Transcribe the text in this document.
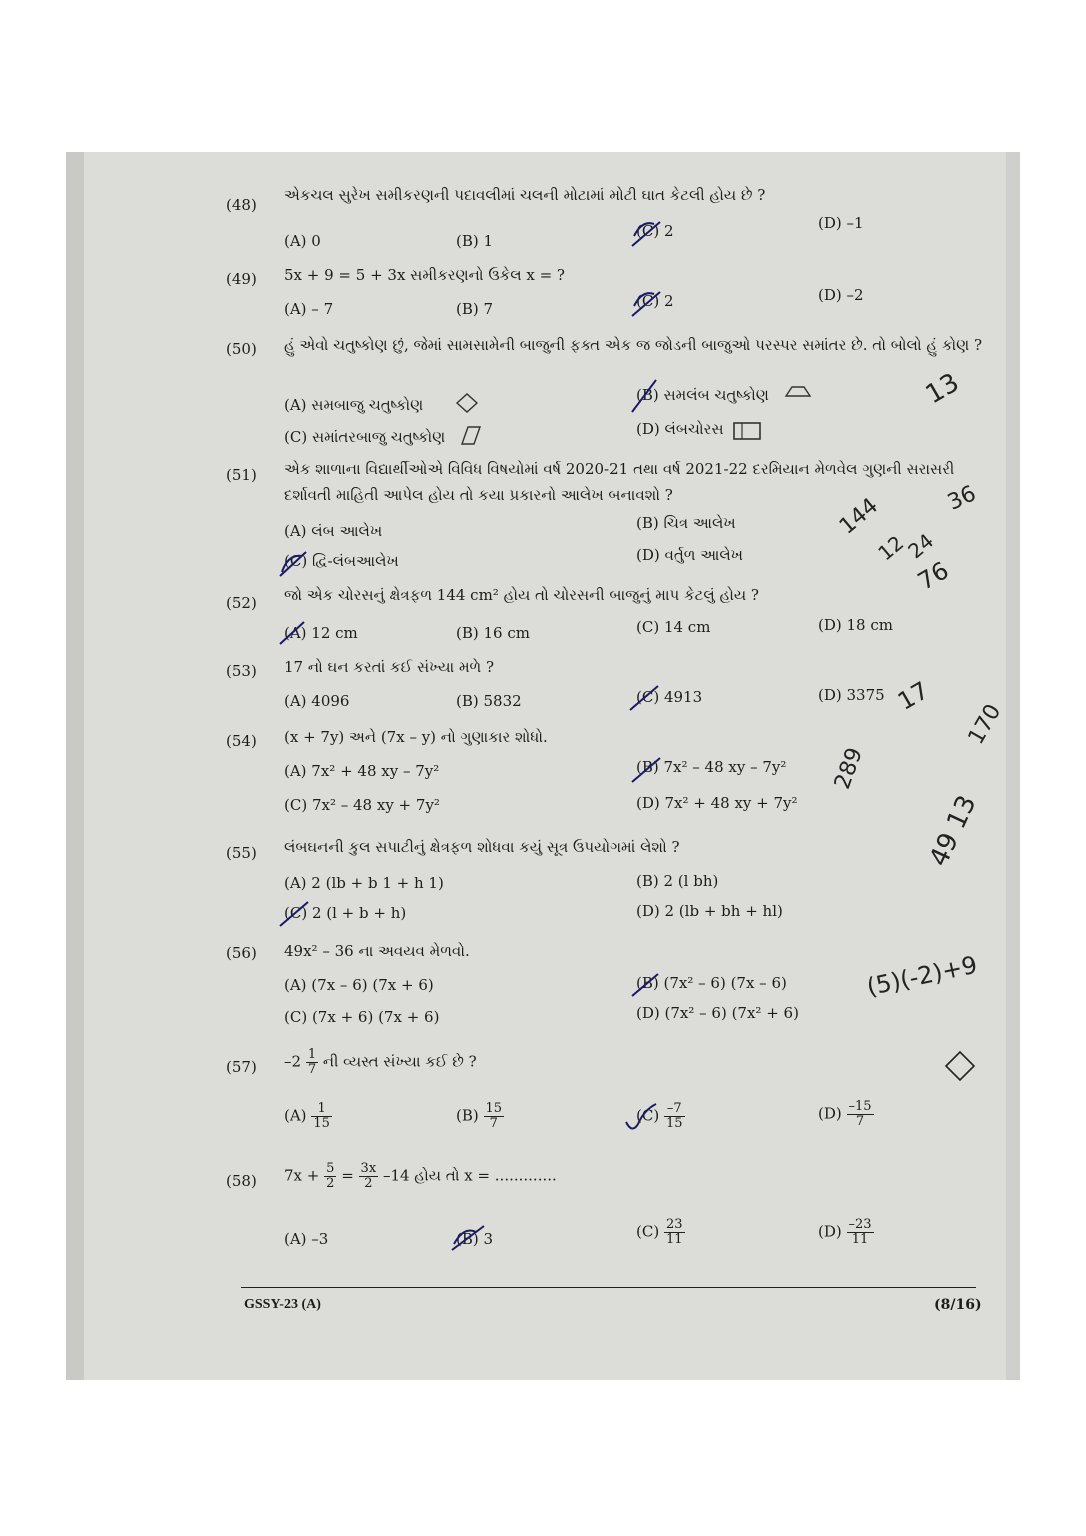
(48)
એકચલ સુરેખ સમીકરણની પદાવલીમાં ચલની મોટામાં મોટી ઘાત કેટલી હોય છે ?
(A) 0	(B) 1
(C) 2	(D) –1
(49) 5x + 9 = 5 + 3x સમીકરણનો ઉકેલ x = ?
(A) – 7	(B) 7	(C) 2	(D) –2
(50) હું એવો ચતુષ્કોણ છું, જેમાં સામસામેની બાજુની ફક્ત એક જ જોડની બાજુઓ પરસ્પર સમાંતર છે. તો બોલો હું કોણ ?
(A) સમબાજુ ચતુષ્કોણ
(B) સમલંબ ચતુષ્કોણ
(C) સમાંતરબાજુ ચતુષ્કોણ	(D) લંબચોરસ
(51) એક શાળાના વિદ્યાર્થીઓએ વિવિધ વિષયોમાં વર્ષ 2020-21 તથા વર્ષ 2021-22 દરમિયાન મેળવેલ ગુણની સરાસરી દર્શાવતી માહિતી આપેલ હોય તો કયા પ્રકારનો આલેખ બનાવશો ?
(A) લંબ આલેખ	(B) ચિત્ર આલેખ
(C) દ્વિ-લંબઆલેખ	(D) વર્તુળ આલેખ
(52) જો એક ચોરસનું ક્ષેત્રફળ 144 cm² હોય તો ચોરસની બાજુનું માપ કેટલું હોય ?
(A) 12 cm	(B) 16 cm	(C) 14 cm	(D) 18 cm
(53) 17 નો ઘન કરતાં કઈ સંખ્યા મળે ?
(A) 4096	(B) 5832	(C) 4913	(D) 3375
(54) (x + 7y) અને (7x – y) નો ગુણાકાર શોધો.
(A) 7x² + 48 xy – 7y²	(B) 7x² – 48 xy – 7y²
(C) 7x² – 48 xy + 7y²	(D) 7x² + 48 xy + 7y²
(55) લંબઘનની કુલ સપાટીનું ક્ષેત્રફળ શોધવા કયું સૂત્ર ઉપયોગમાં લેશો ?
(A) 2 (lb + b 1 + h 1)	(B) 2 (l bh)
(C) 2 (l + b + h)	(D) 2 (lb + bh + hl)
(56) 49x² – 36 ના અવયવ મેળવો.
(A) (7x – 6) (7x + 6)	(B) (7x² – 6) (7x – 6)
(C) (7x + 6) (7x + 6)	(D) (7x² – 6) (7x² + 6)
(57) $-2 \frac{1}{7}$ ની વ્યસ્ત સંખ્યા કઈ છે ?
$(A) \frac{1}{15}$	$(B) \frac{15}{7}$	$(C) \frac{-7}{15}$	$(D) \frac{-15}{7}$
(58) $7x + \frac{5}{2} = \frac{3x}{2} -14$ હોય તો x = .............
(A) –3	(B) 3	$(C) \frac{23}{11}$	$(D) \frac{-23}{11}$
13
144	36
12
24
76
289
17
170
49 13
(5)(-2)+9
GSSY-23 (A)	(8/16)
